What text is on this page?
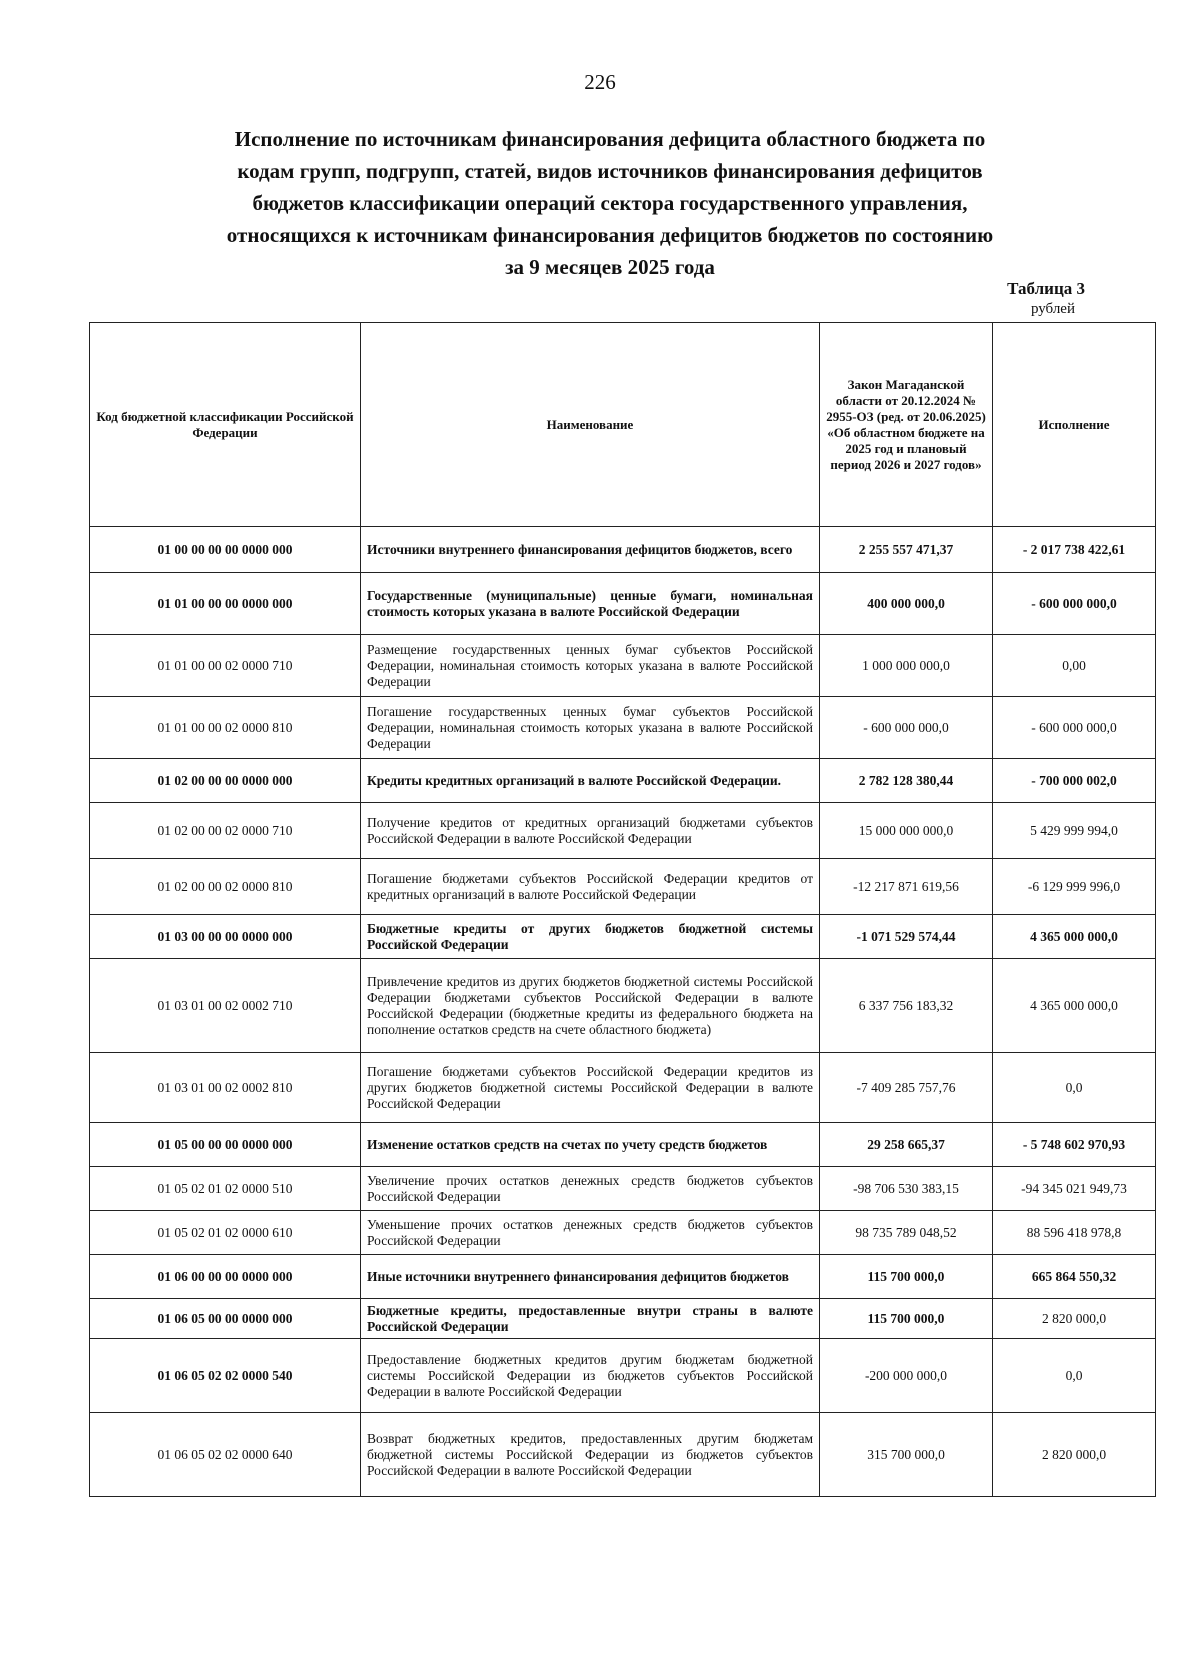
226
Исполнение по источникам финансирования дефицита областного бюджета по
кодам групп, подгрупп, статей, видов источников финансирования дефицитов
бюджетов классификации операций сектора государственного управления,
относящихся к источникам финансирования дефицитов бюджетов по состоянию
за 9 месяцев 2025 года
Таблица 3
рублей
Код бюджетной классификации Российской Федерации	Наименование	Закон Магаданской области от 20.12.2024 № 2955-ОЗ (ред. от 20.06.2025) «Об областном бюджете на 2025 год и плановый период 2026 и 2027 годов»	Исполнение
01 00 00 00 00 0000 000	Источники внутреннего финансирования дефицитов бюджетов, всего	2 255 557 471,37	- 2 017 738 422,61
01 01 00 00 00 0000 000	Государственные (муниципальные) ценные бумаги, номинальная стоимость которых указана в валюте Российской Федерации	400 000 000,0	- 600 000 000,0
01 01 00 00 02 0000 710	Размещение государственных ценных бумаг субъектов Российской Федерации, номинальная стоимость которых указана в валюте Российской Федерации	1 000 000 000,0	0,00
01 01 00 00 02 0000 810	Погашение государственных ценных бумаг субъектов Российской Федерации, номинальная стоимость которых указана в валюте Российской Федерации	- 600 000 000,0	- 600 000 000,0
01 02 00 00 00 0000 000	Кредиты кредитных организаций в валюте Российской Федерации.	2 782 128 380,44	- 700 000 002,0
01 02 00 00 02 0000 710	Получение кредитов от кредитных организаций бюджетами субъектов Российской Федерации в валюте Российской Федерации	15 000 000 000,0	5 429 999 994,0
01 02 00 00 02 0000 810	Погашение бюджетами субъектов Российской Федерации кредитов от кредитных организаций в валюте Российской Федерации	-12 217 871 619,56	-6 129 999 996,0
01 03 00 00 00 0000 000	Бюджетные кредиты от других бюджетов бюджетной системы Российской Федерации	-1 071 529 574,44	4 365 000 000,0
01 03 01 00 02 0002 710	Привлечение кредитов из других бюджетов бюджетной системы Российской Федерации бюджетами субъектов Российской Федерации в валюте Российской Федерации (бюджетные кредиты из федерального бюджета на пополнение остатков средств на счете областного бюджета)	6 337 756 183,32	4 365 000 000,0
01 03 01 00 02 0002 810	Погашение бюджетами субъектов Российской Федерации кредитов из других бюджетов бюджетной системы Российской Федерации в валюте Российской Федерации	-7 409 285 757,76	0,0
01 05 00 00 00 0000 000	Изменение остатков средств на счетах по учету средств бюджетов	29 258 665,37	- 5 748 602 970,93
01 05 02 01 02 0000 510	Увеличение прочих остатков денежных средств бюджетов субъектов Российской Федерации	-98 706 530 383,15	-94 345 021 949,73
01 05 02 01 02 0000 610	Уменьшение прочих остатков денежных средств бюджетов субъектов Российской Федерации	98 735 789 048,52	88 596 418 978,8
01 06 00 00 00 0000 000	Иные источники внутреннего финансирования дефицитов бюджетов	115 700 000,0	665 864 550,32
01 06 05 00 00 0000 000	Бюджетные кредиты, предоставленные внутри страны в валюте Российской Федерации	115 700 000,0	2 820 000,0
01 06 05 02 02 0000 540	Предоставление бюджетных кредитов другим бюджетам бюджетной системы Российской Федерации из бюджетов субъектов Российской Федерации в валюте Российской Федерации	-200 000 000,0	0,0
01 06 05 02 02 0000 640	Возврат бюджетных кредитов, предоставленных другим бюджетам бюджетной системы Российской Федерации из бюджетов субъектов Российской Федерации в валюте Российской Федерации	315 700 000,0	2 820 000,0
